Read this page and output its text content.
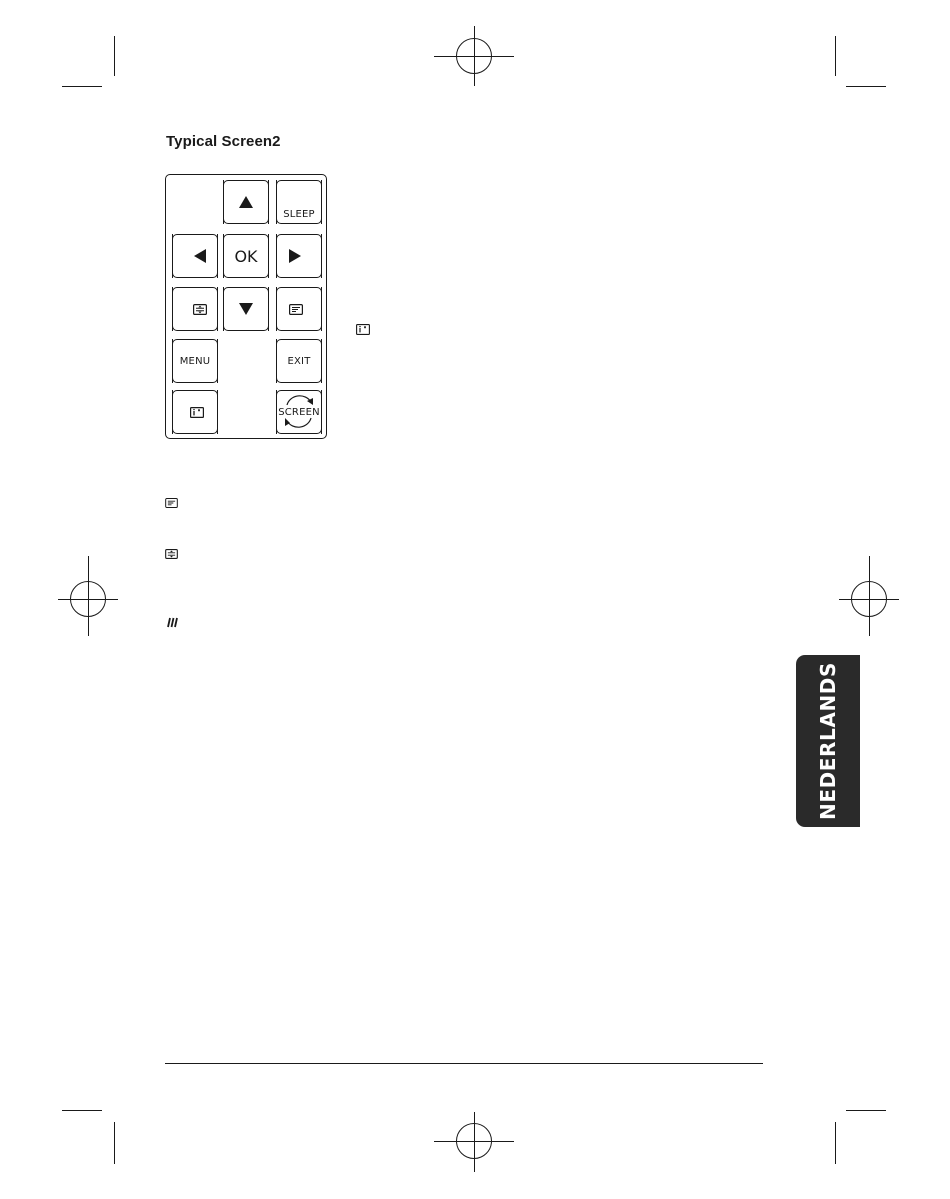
Typical Screen2
SLEEP
OK
MENU	EXIT
SCREEN
NEDERLANDS
